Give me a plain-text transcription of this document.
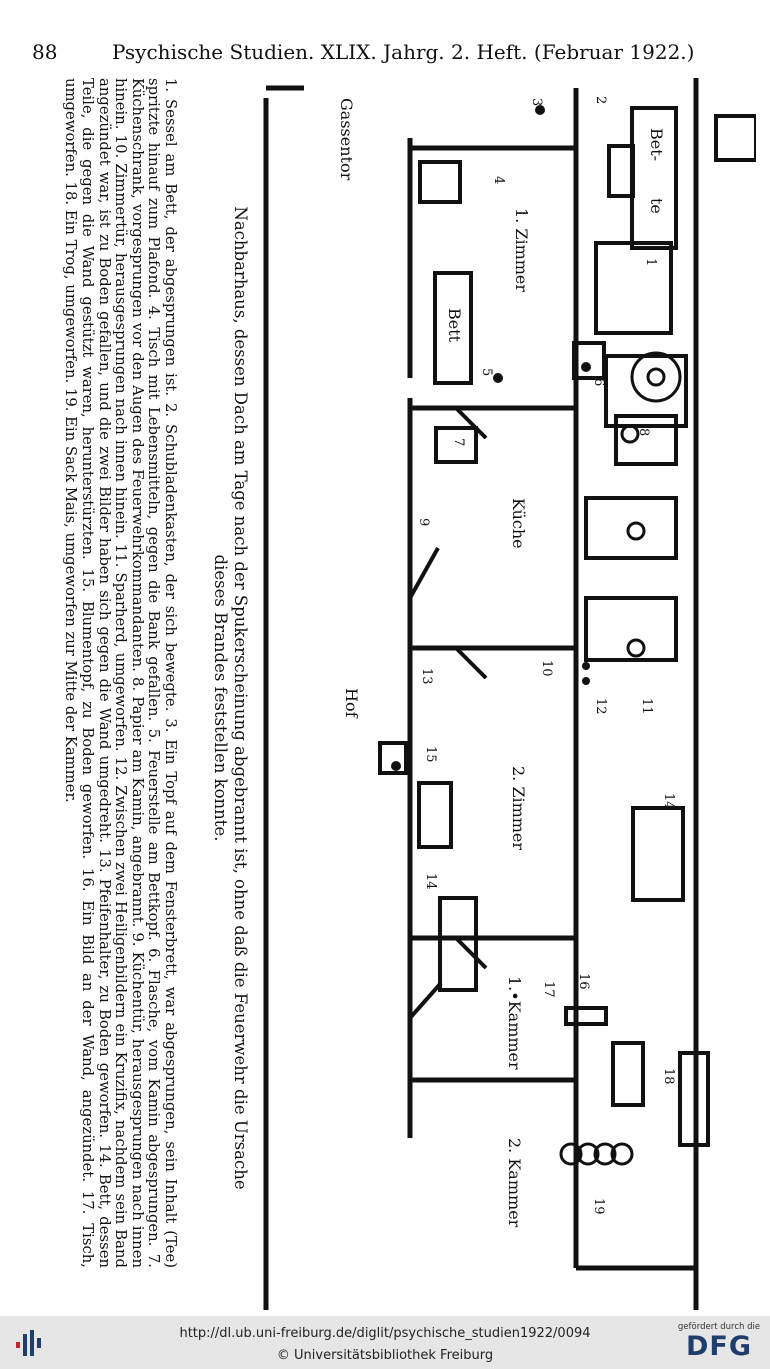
88	Psychische Studien. XLIX. Jahrg. 2. Heft. (Februar 1922.)
Bet-
te
Bett
1. Zimmer
Küche
2. Zimmer
1.•Kammer
2. Kammer
Gassentor
Hof
1
2
3
4
5
6
7
8
9
10
11
12
13
14
14
15
16
17
18
19
Nachbarhaus, dessen Dach am Tage nach der Spukerscheinung abgebrannt ist, ohne daß die Feuerwehr die Ursache
dieses Brandes feststellen konnte.
1. Sessel am Bett, der abgesprungen ist. 2. Schubladenkasten, der sich bewegte. 3. Ein Topf auf dem Fensterbrett, war abgesprungen, sein Inhalt (Tee) spritzte hinauf zum Plafond. 4. Tisch mit Lebensmitteln, gegen die Bank gefallen. 5. Feuerstelle am Bettkopf. 6. Flasche, vom Kamin abgesprungen. 7. Küchenschrank, vorgesprungen vor den Augen des Feuerwehrkommandanten. 8. Papier am Kamin, angebrannt. 9. Küchentür, herausgesprungen nach innen hinein. 10. Zimmertür, herausgesprungen nach innen hinein. 11. Sparherd, umgeworfen. 12. Zwischen zwei Heiligenbildern ein Kruzifix, nachdem sein Band angezündet war, ist zu Boden gefallen, und die zwei Bilder haben sich gegen die Wand umgedreht. 13. Pfeifenhalter, zu Boden geworfen. 14. Bett, dessen Teile, die gegen die Wand gestützt waren, herunterstürzten. 15. Blumentopf, zu Boden geworfen. 16. Ein Bild an der Wand, angezündet. 17. Tisch, umgeworfen. 18. Ein Trog, umgeworfen. 19. Ein Sack Mais, umgeworfen zur Mitte der Kammer.
http://dl.ub.uni-freiburg.de/diglit/psychische_studien1922/0094
© Universitätsbibliothek Freiburg
gefördert durch die
DFG
